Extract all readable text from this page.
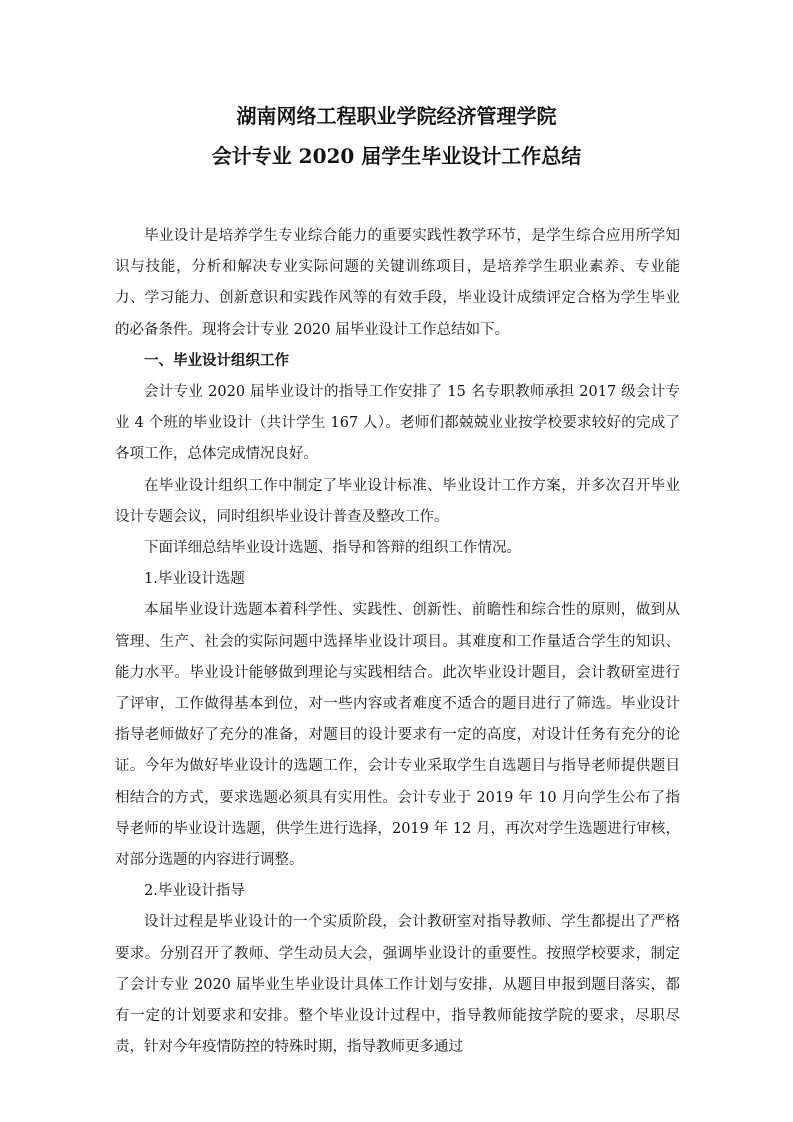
湖南网络工程职业学院经济管理学院
会计专业 2020 届学生毕业设计工作总结

毕业设计是培养学生专业综合能力的重要实践性教学环节，是学生综合应用所学知识与技能，分析和解决专业实际问题的关键训练项目，是培养学生职业素养、专业能力、学习能力、创新意识和实践作风等的有效手段，毕业设计成绩评定合格为学生毕业的必备条件。现将会计专业 2020 届毕业设计工作总结如下。

一、毕业设计组织工作

会计专业 2020 届毕业设计的指导工作安排了 15 名专职教师承担 2017 级会计专业 4 个班的毕业设计（共计学生 167 人）。老师们都兢兢业业按学校要求较好的完成了各项工作，总体完成情况良好。

在毕业设计组织工作中制定了毕业设计标准、毕业设计工作方案，并多次召开毕业设计专题会议，同时组织毕业设计普查及整改工作。

下面详细总结毕业设计选题、指导和答辩的组织工作情况。

1.毕业设计选题

本届毕业设计选题本着科学性、实践性、创新性、前瞻性和综合性的原则，做到从管理、生产、社会的实际问题中选择毕业设计项目。其难度和工作量适合学生的知识、能力水平。毕业设计能够做到理论与实践相结合。此次毕业设计题目，会计教研室进行了评审，工作做得基本到位，对一些内容或者难度不适合的题目进行了筛选。毕业设计指导老师做好了充分的准备，对题目的设计要求有一定的高度，对设计任务有充分的论证。今年为做好毕业设计的选题工作，会计专业采取学生自选题目与指导老师提供题目相结合的方式，要求选题必须具有实用性。会计专业于 2019 年 10 月向学生公布了指导老师的毕业设计选题，供学生进行选择，2019 年 12 月，再次对学生选题进行审核，对部分选题的内容进行调整。

2.毕业设计指导

设计过程是毕业设计的一个实质阶段，会计教研室对指导教师、学生都提出了严格要求。分别召开了教师、学生动员大会，强调毕业设计的重要性。按照学校要求，制定了会计专业 2020 届毕业生毕业设计具体工作计划与安排，从题目申报到题目落实，都有一定的计划要求和安排。整个毕业设计过程中，指导教师能按学院的要求，尽职尽责，针对今年疫情防控的特殊时期，指导教师更多通过
